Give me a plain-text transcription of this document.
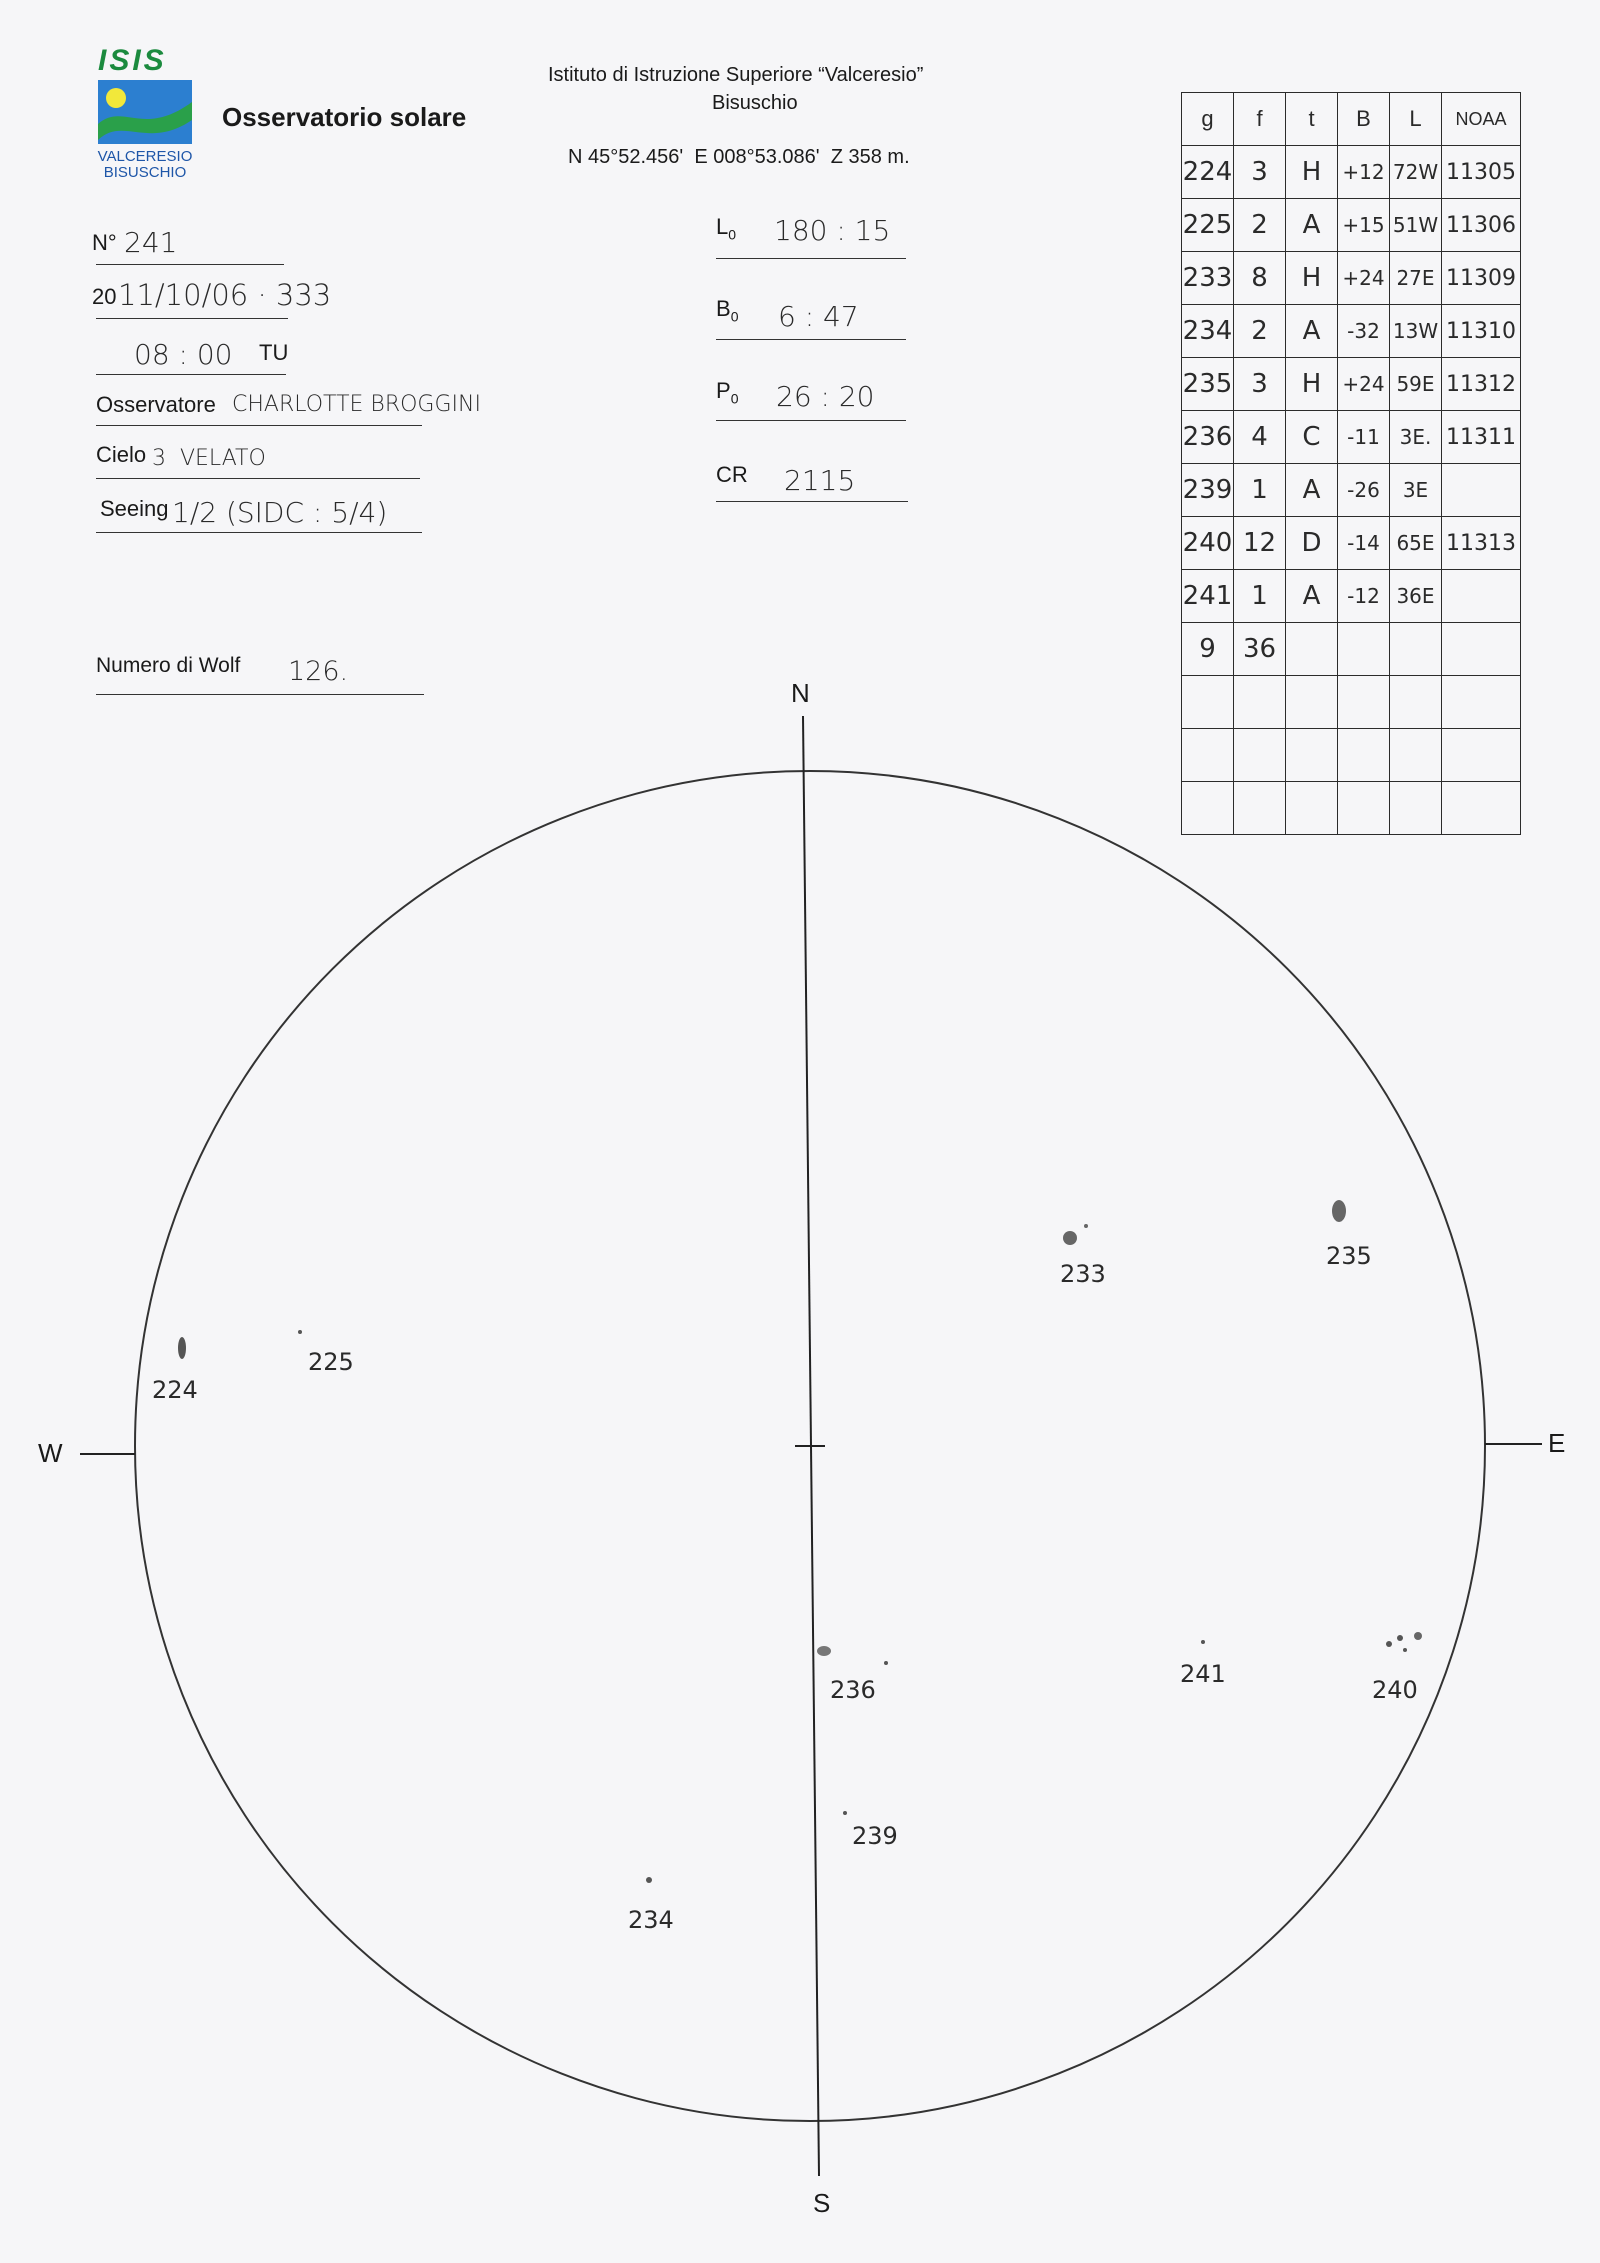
ISIS
VALCERESIO
BISUSCHIO
Osservatorio solare
Istituto di Istruzione Superiore “Valceresio”
Bisuschio
N 45°52.456'  E 008°53.086'  Z 358 m.
N° 241
20 11/10/06 · 333
08 : 00 TU
Osservatore CHARLOTTE BROGGINI
Cielo 3  VELATO
Seeing 1/2 (SIDC : 5/4)
Numero di Wolf 126.
$L_0$ 180 : 15
$B_0$ 6 : 47
$P_0$ 26 : 20
CR 2115
g	f	t	B	L	NOAA
224	3	H	+12	72W	11305
225	2	A	+15	51W	11306
233	8	H	+24	27E	11309
234	2	A	-32	13W	11310
235	3	H	+24	59E	11312
236	4	C	-11	3E.	11311
239	1	A	-26	3E	
240	12	D	-14	65E	11313
241	1	A	-12	36E	
9	36				

N
S
W	E
224
225
233
235
236
239
240
241
234
